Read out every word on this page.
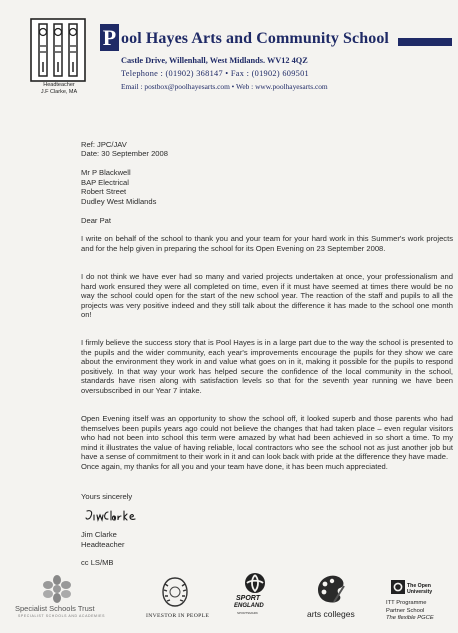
Headteacher
J.F Clarke, MA
P ool Hayes Arts and Community School
Castle Drive, Willenhall, West Midlands. WV12 4QZ
Telephone : (01902) 368147 • Fax : (01902) 609501
Email : postbox@poolhayesarts.com • Web : www.poolhayesarts.com
Ref: JPC/JAV
Date: 30 September 2008
Mr P Blackwell
BAP Electrical
Robert Street
Dudley West Midlands
Dear Pat
I write on behalf of the school to thank you and your team for your hard work in this Summer's work projects and for the help given in preparing the school for its Open Evening on 23 September 2008.
I do not think we have ever had so many and varied projects undertaken at once, your professionalism and hard work ensured they were all completed on time, even if it must have seemed at times there would be no way the school could open for the start of the new school year. The reaction of the staff and pupils to all the projects was very positive indeed and they still talk about the difference it has made to the school one month on!
I firmly believe the success story that is Pool Hayes is in a large part due to the way the school is presented to the pupils and the wider community, each year's improvements encourage the pupils for they show we care about the environment they work in and value what goes on in it, making it possible for the pupils to respond positively. In that way your work has helped secure the confidence of the local community in the school, standards have risen along with satisfaction levels so that for the seventh year running we have been oversubscribed in our Year 7 intake.
Open Evening itself was an opportunity to show the school off, it looked superb and those parents who had themselves been pupils years ago could not believe the changes that had taken place – even regular visitors who had not been into school this term were amazed by what had been achieved in so short a time. To my mind it illustrates the value of having reliable, local contractors who see the school not as just another job but have a sense of commitment to their work in it and can look back with pride at the difference they have made.
Once again, my thanks for all you and your team have done, it has been much appreciated.
Yours sincerely
Jim Clarke
Headteacher
cc LS/MB
Specialist Schools Trust
SPECIALIST SCHOOLS AND ACADEMIES	INVESTOR IN PEOPLE
SPORT
ENGLAND
SPORTSMARK	arts colleges
The Open
University
ITT Programme
Partner School
The flexible PGCE
